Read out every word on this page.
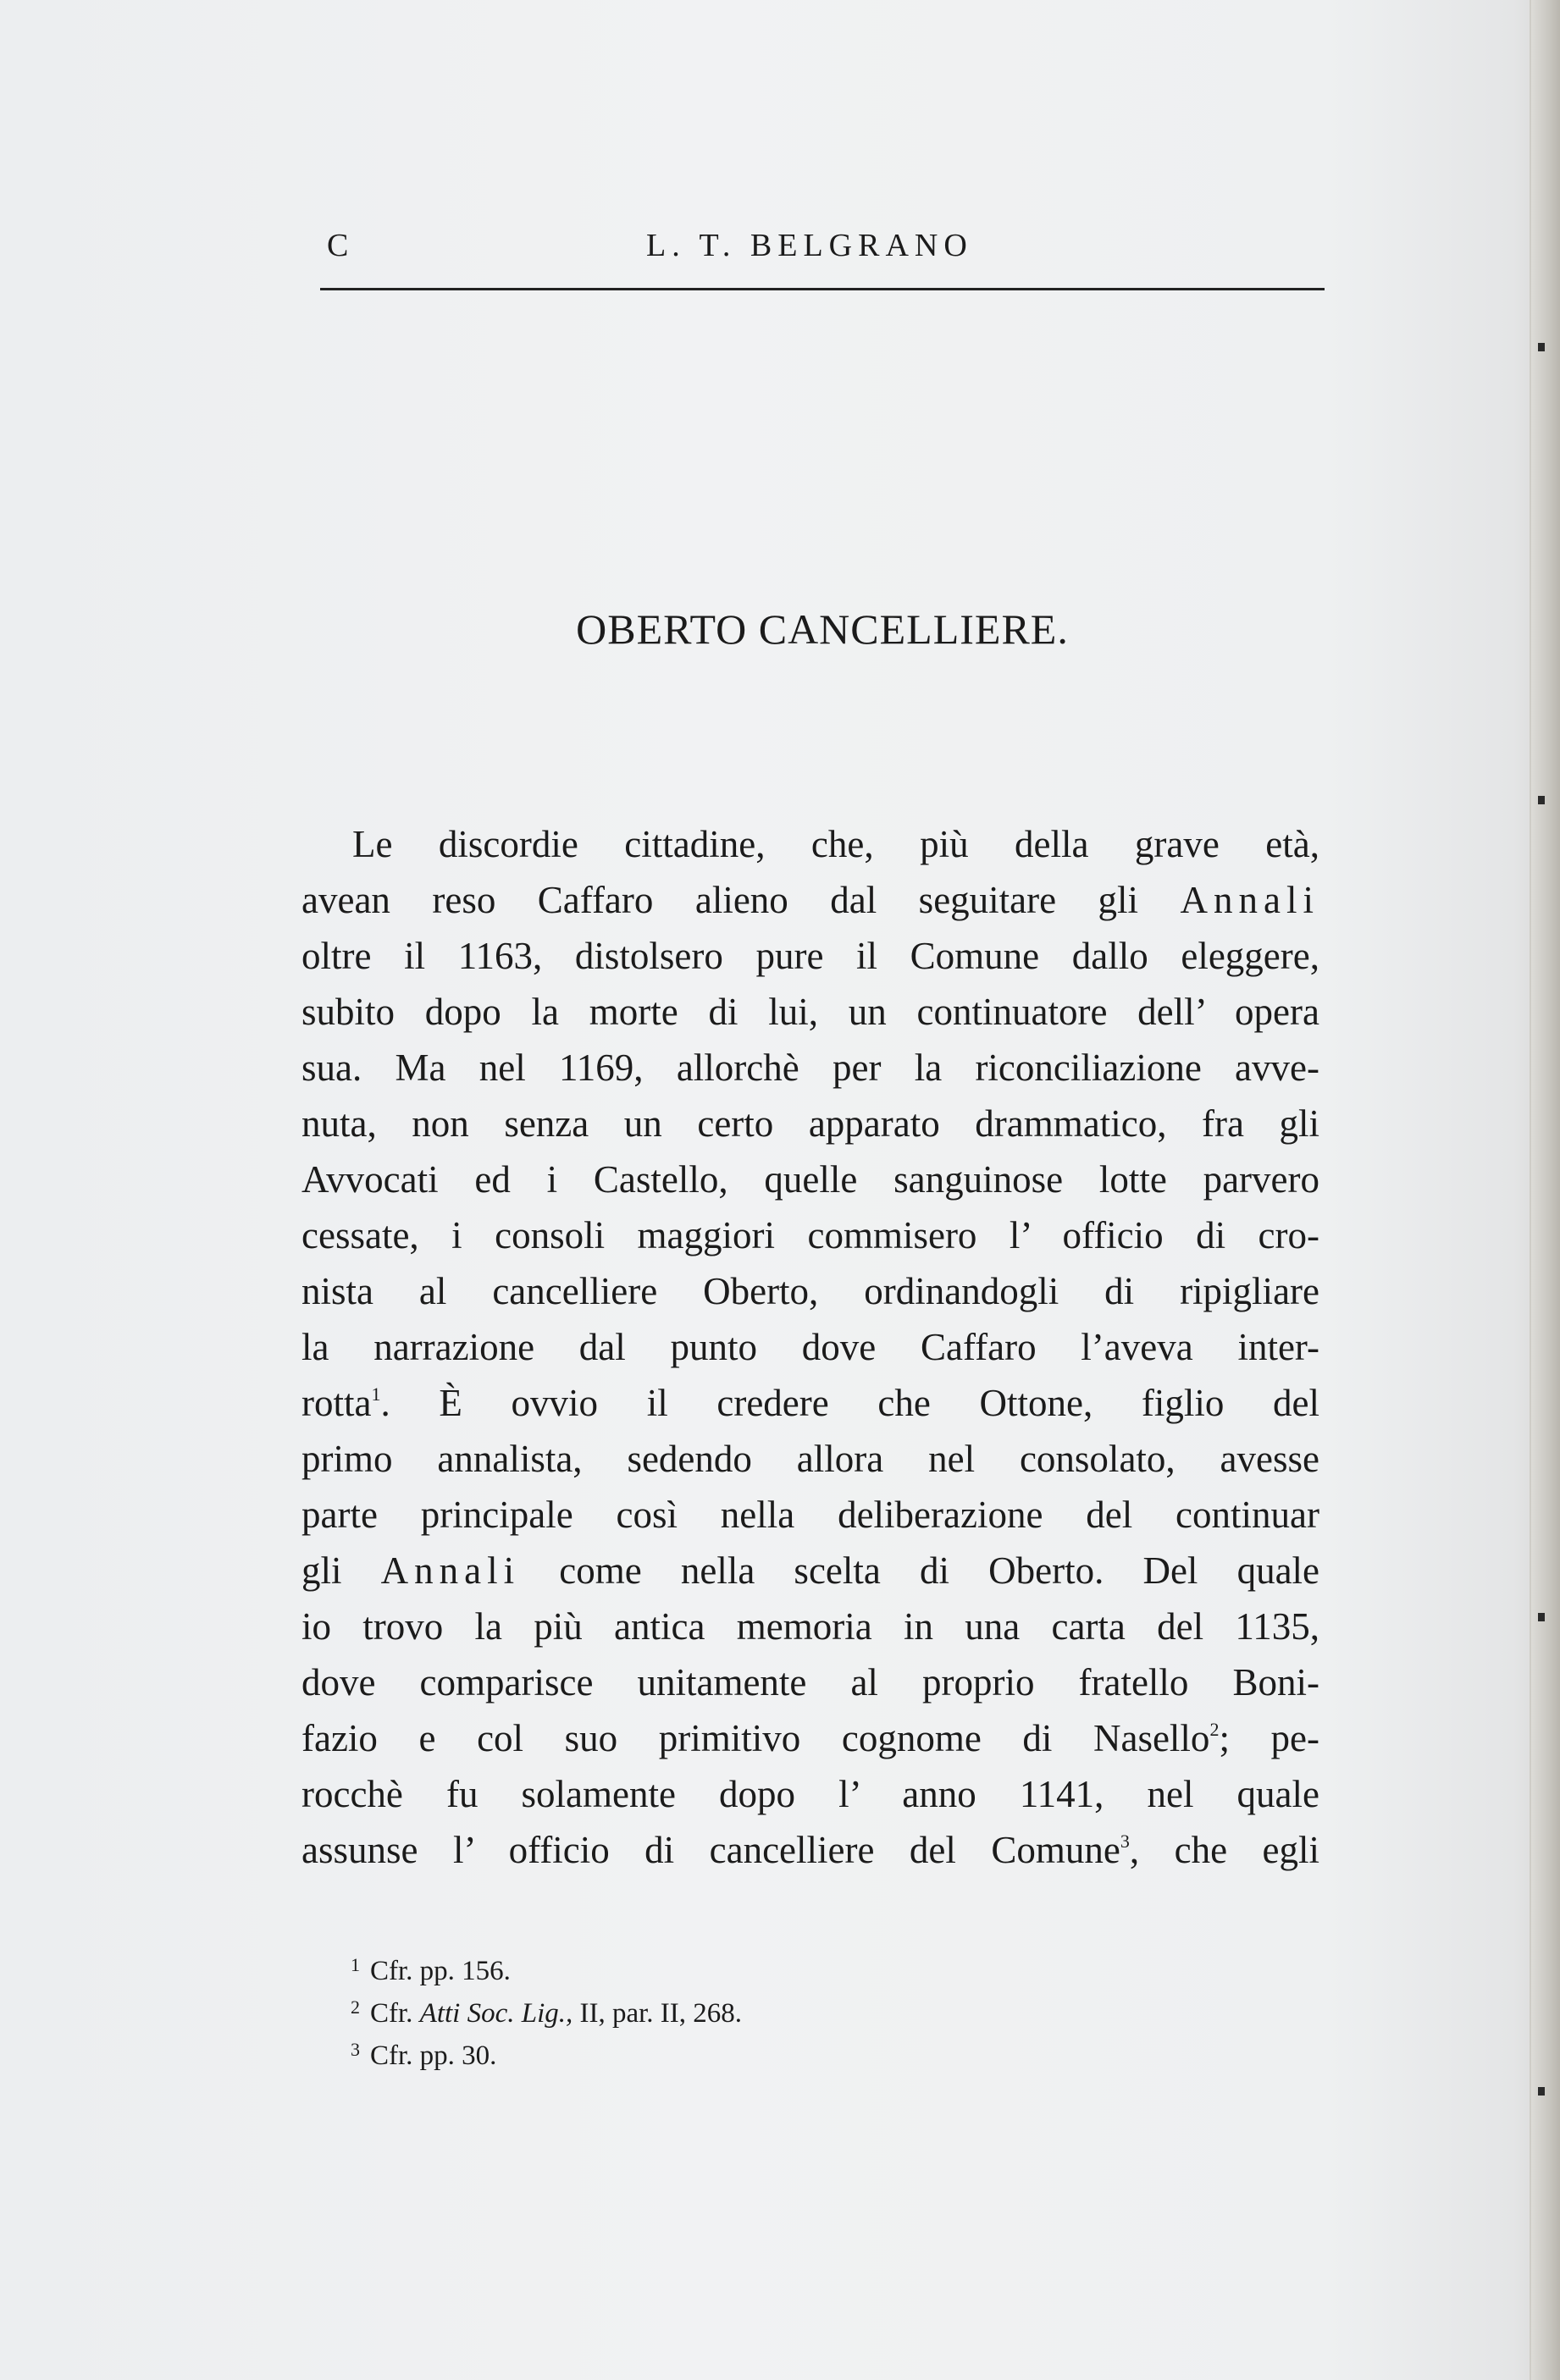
C	L. T. BELGRANO
OBERTO CANCELLIERE.
Le discordie cittadine, che, più della grave età,
avean reso Caffaro alieno dal seguitare gli Annali
oltre il 1163, distolsero pure il Comune dallo eleggere,
subito dopo la morte di lui, un continuatore dell’ opera
sua. Ma nel 1169, allorchè per la riconciliazione avve-
nuta, non senza un certo apparato drammatico, fra gli
Avvocati ed i Castello, quelle sanguinose lotte parvero
cessate, i consoli maggiori commisero l’ officio di cro-
nista al cancelliere Oberto, ordinandogli di ripigliare
la narrazione dal punto dove Caffaro l’aveva inter-
rotta$^1$. È ovvio il credere che Ottone, figlio del
primo annalista, sedendo allora nel consolato, avesse
parte principale così nella deliberazione del continuar
gli Annali come nella scelta di Oberto. Del quale
io trovo la più antica memoria in una carta del 1135,
dove comparisce unitamente al proprio fratello Boni-
fazio e col suo primitivo cognome di Nasello$^2$; pe-
rocchè fu solamente dopo l’ anno 1141, nel quale
assunse l’ officio di cancelliere del Comune$^3$, che egli
1 Cfr. pp. 156.
2 Cfr. Atti Soc. Lig., II, par. II, 268.
3 Cfr. pp. 30.
